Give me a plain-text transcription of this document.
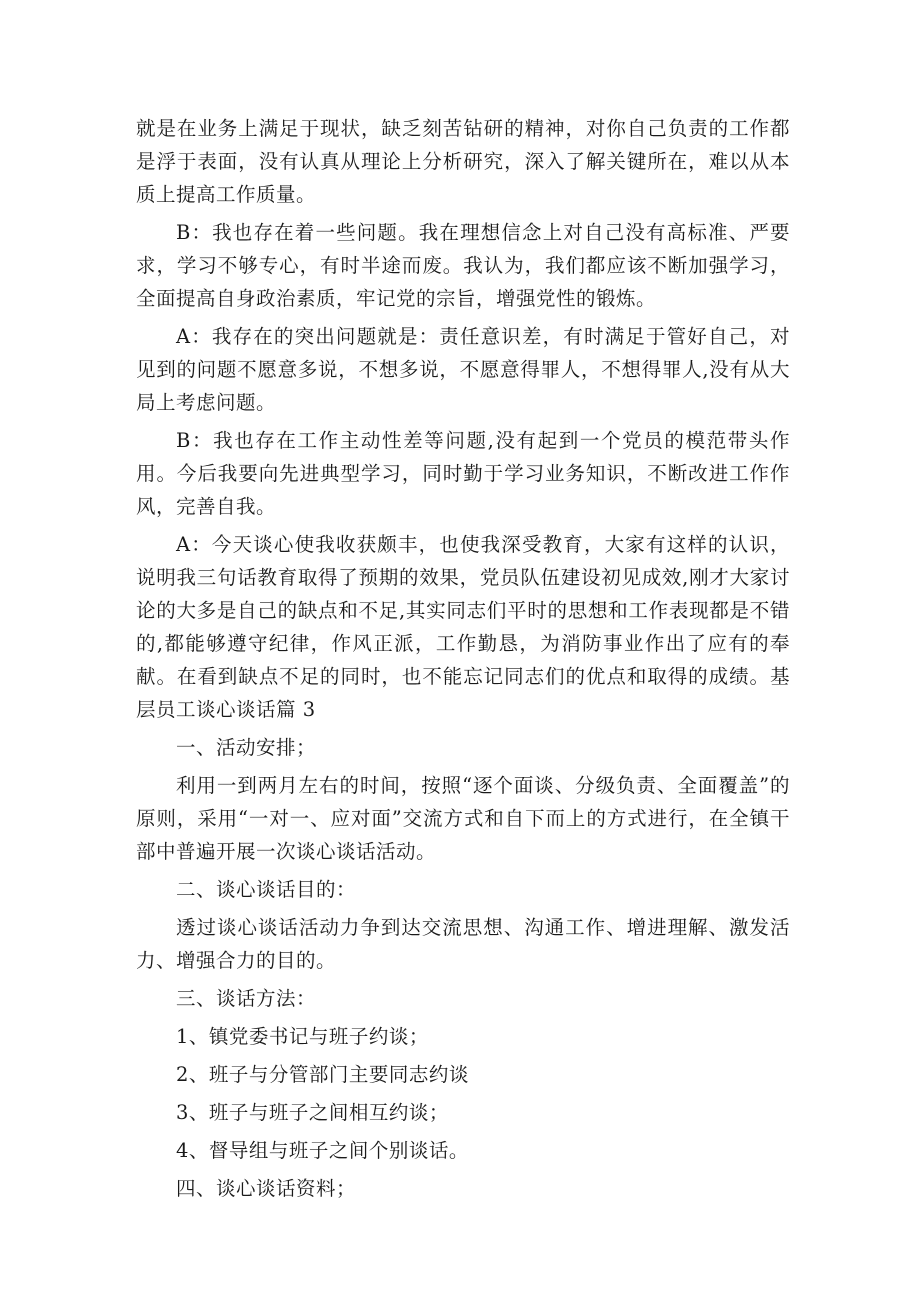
就是在业务上满足于现状，缺乏刻苦钻研的精神，对你自己负责的工作都是浮于表面，没有认真从理论上分析研究，深入了解关键所在，难以从本质上提高工作质量。

B：我也存在着一些问题。我在理想信念上对自己没有高标准、严要求，学习不够专心，有时半途而废。我认为，我们都应该不断加强学习，全面提高自身政治素质，牢记党的宗旨，增强党性的锻炼。

A：我存在的突出问题就是：责任意识差，有时满足于管好自己，对见到的问题不愿意多说，不想多说，不愿意得罪人，不想得罪人,没有从大局上考虑问题。

B：我也存在工作主动性差等问题,没有起到一个党员的模范带头作用。今后我要向先进典型学习，同时勤于学习业务知识，不断改进工作作风，完善自我。

A：今天谈心使我收获颇丰，也使我深受教育，大家有这样的认识，说明我三句话教育取得了预期的效果，党员队伍建设初见成效,刚才大家讨论的大多是自己的缺点和不足,其实同志们平时的思想和工作表现都是不错的,都能够遵守纪律，作风正派，工作勤恳，为消防事业作出了应有的奉献。在看到缺点不足的同时，也不能忘记同志们的优点和取得的成绩。基层员工谈心谈话篇 3

一、活动安排；

利用一到两月左右的时间，按照“逐个面谈、分级负责、全面覆盖”的原则，采用“一对一、应对面”交流方式和自下而上的方式进行，在全镇干部中普遍开展一次谈心谈话活动。

二、谈心谈话目的：

透过谈心谈话活动力争到达交流思想、沟通工作、增进理解、激发活力、增强合力的目的。

三、谈话方法：

1、镇党委书记与班子约谈；

2、班子与分管部门主要同志约谈

3、班子与班子之间相互约谈；

4、督导组与班子之间个别谈话。

四、谈心谈话资料；
